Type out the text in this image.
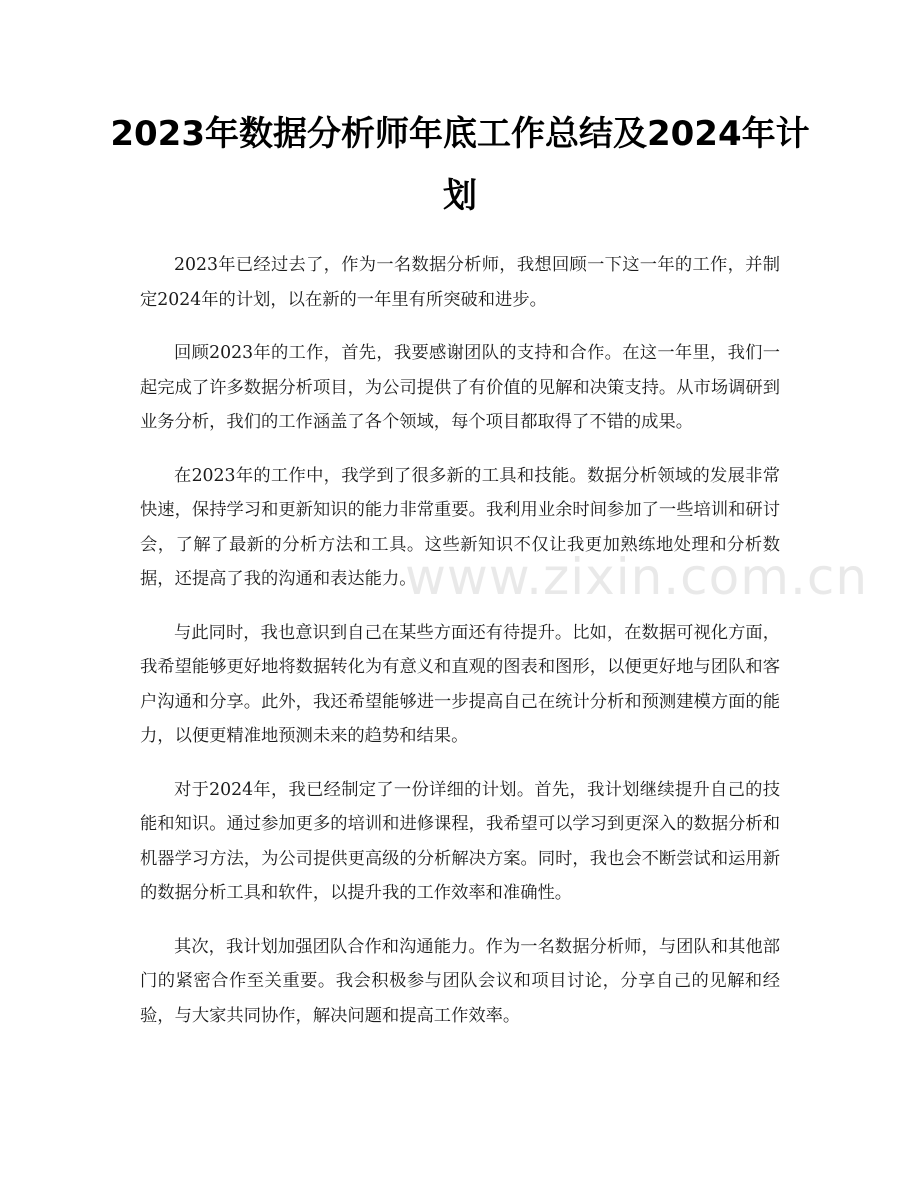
2023年数据分析师年底工作总结及2024年计划

2023年已经过去了，作为一名数据分析师，我想回顾一下这一年的工作，并制定2024年的计划，以在新的一年里有所突破和进步。

回顾2023年的工作，首先，我要感谢团队的支持和合作。在这一年里，我们一起完成了许多数据分析项目，为公司提供了有价值的见解和决策支持。从市场调研到业务分析，我们的工作涵盖了各个领域，每个项目都取得了不错的成果。

在2023年的工作中，我学到了很多新的工具和技能。数据分析领域的发展非常快速，保持学习和更新知识的能力非常重要。我利用业余时间参加了一些培训和研讨会，了解了最新的分析方法和工具。这些新知识不仅让我更加熟练地处理和分析数据，还提高了我的沟通和表达能力。

与此同时，我也意识到自己在某些方面还有待提升。比如，在数据可视化方面，我希望能够更好地将数据转化为有意义和直观的图表和图形，以便更好地与团队和客户沟通和分享。此外，我还希望能够进一步提高自己在统计分析和预测建模方面的能力，以便更精准地预测未来的趋势和结果。

对于2024年，我已经制定了一份详细的计划。首先，我计划继续提升自己的技能和知识。通过参加更多的培训和进修课程，我希望可以学习到更深入的数据分析和机器学习方法，为公司提供更高级的分析解决方案。同时，我也会不断尝试和运用新的数据分析工具和软件，以提升我的工作效率和准确性。

其次，我计划加强团队合作和沟通能力。作为一名数据分析师，与团队和其他部门的紧密合作至关重要。我会积极参与团队会议和项目讨论，分享自己的见解和经验，与大家共同协作，解决问题和提高工作效率。

www.zixin.com.cn
